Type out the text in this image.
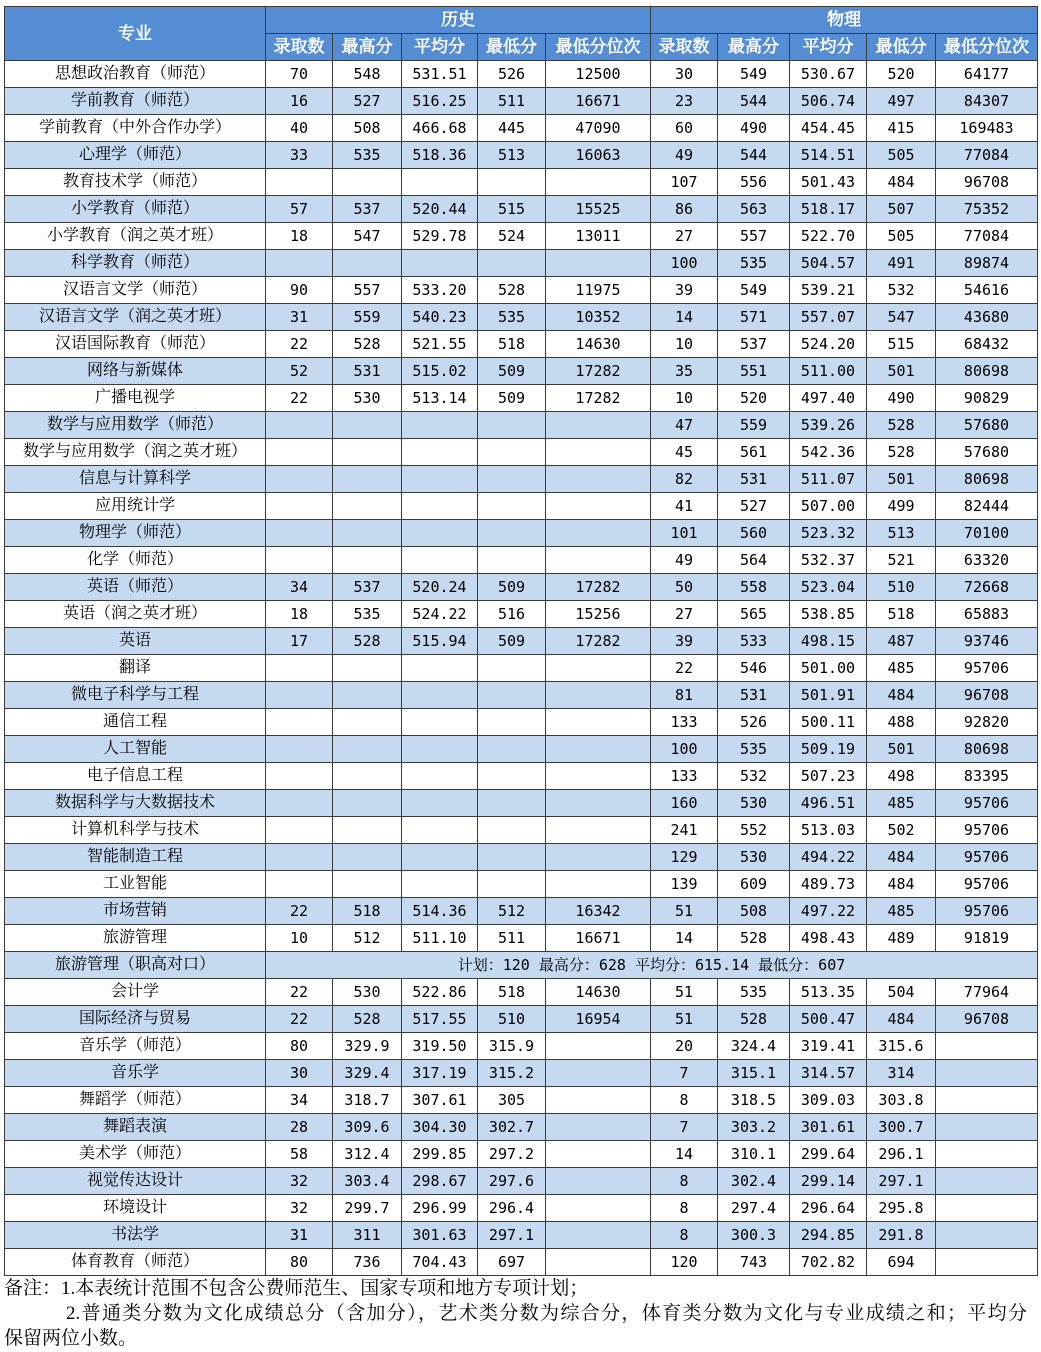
专业	历史					物理				
	录取数	最高分	平均分	最低分	最低分位次	录取数	最高分	平均分	最低分	最低分位次
思想政治教育（师范）	70	548	531.51	526	12500	30	549	530.67	520	64177
学前教育（师范）	16	527	516.25	511	16671	23	544	506.74	497	84307
学前教育（中外合作办学）	40	508	466.68	445	47090	60	490	454.45	415	169483
心理学（师范）	33	535	518.36	513	16063	49	544	514.51	505	77084
教育技术学（师范）						107	556	501.43	484	96708
小学教育（师范）	57	537	520.44	515	15525	86	563	518.17	507	75352
小学教育（润之英才班）	18	547	529.78	524	13011	27	557	522.70	505	77084
科学教育（师范）						100	535	504.57	491	89874
汉语言文学（师范）	90	557	533.20	528	11975	39	549	539.21	532	54616
汉语言文学（润之英才班）	31	559	540.23	535	10352	14	571	557.07	547	43680
汉语国际教育（师范）	22	528	521.55	518	14630	10	537	524.20	515	68432
网络与新媒体	52	531	515.02	509	17282	35	551	511.00	501	80698
广播电视学	22	530	513.14	509	17282	10	520	497.40	490	90829
数学与应用数学（师范）						47	559	539.26	528	57680
数学与应用数学（润之英才班）						45	561	542.36	528	57680
信息与计算科学						82	531	511.07	501	80698
应用统计学						41	527	507.00	499	82444
物理学（师范）						101	560	523.32	513	70100
化学（师范）						49	564	532.37	521	63320
英语（师范）	34	537	520.24	509	17282	50	558	523.04	510	72668
英语（润之英才班）	18	535	524.22	516	15256	27	565	538.85	518	65883
英语	17	528	515.94	509	17282	39	533	498.15	487	93746
翻译						22	546	501.00	485	95706
微电子科学与工程						81	531	501.91	484	96708
通信工程						133	526	500.11	488	92820
人工智能						100	535	509.19	501	80698
电子信息工程						133	532	507.23	498	83395
数据科学与大数据技术						160	530	496.51	485	95706
计算机科学与技术						241	552	513.03	502	95706
智能制造工程						129	530	494.22	484	95706
工业智能						139	609	489.73	484	95706
市场营销	22	518	514.36	512	16342	51	508	497.22	485	95706
旅游管理	10	512	511.10	511	16671	14	528	498.43	489	91819
旅游管理（职高对口）	计划：120 最高分：628 平均分：615.14 最低分：607									
会计学	22	530	522.86	518	14630	51	535	513.35	504	77964
国际经济与贸易	22	528	517.55	510	16954	51	528	500.47	484	96708
音乐学（师范）	80	329.9	319.50	315.9		20	324.4	319.41	315.6	
音乐学	30	329.4	317.19	315.2		7	315.1	314.57	314	
舞蹈学（师范）	34	318.7	307.61	305		8	318.5	309.03	303.8	
舞蹈表演	28	309.6	304.30	302.7		7	303.2	301.61	300.7	
美术学（师范）	58	312.4	299.85	297.2		14	310.1	299.64	296.1	
视觉传达设计	32	303.4	298.67	297.6		8	302.4	299.14	297.1	
环境设计	32	299.7	296.99	296.4		8	297.4	296.64	295.8	
书法学	31	311	301.63	297.1		8	300.3	294.85	291.8	
体育教育（师范）	80	736	704.43	697		120	743	702.82	694	
备注：1.本表统计范围不包含公费师范生、国家专项和地方专项计划；
2.普通类分数为文化成绩总分（含加分），艺术类分数为综合分，体育类分数为文化与专业成绩之和；平均分
保留两位小数。
